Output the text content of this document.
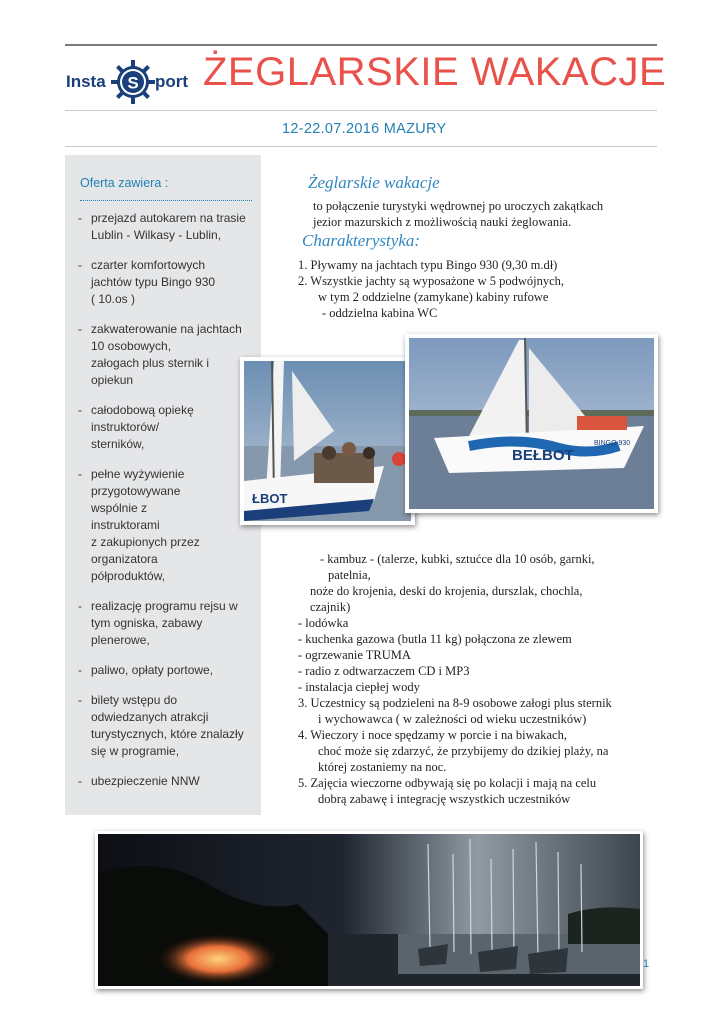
Insta S port ŻEGLARSKIE WAKACJE
12-22.07.2016 MAZURY
Oferta zawiera :
- przejazd autokarem na trasie
Lublin - Wilkasy - Lublin,
- czarter komfortowych
jachtów typu Bingo 930
( 10.os )
- zakwaterowanie na jachtach
10 osobowych,
załogach plus sternik i
opiekun
- całodobową opiekę
instruktorów/
sterników,
- pełne wyżywienie
przygotowywane
wspólnie z
instruktorami
z zakupionych przez
organizatora
półproduktów,
- realizację programu rejsu w
tym ogniska, zabawy
plenerowe,
- paliwo, opłaty portowe,
- bilety wstępu do
odwiedzanych atrakcji
turystycznych, które znalazły
się w programie,
- ubezpieczenie NNW
Żeglarskie wakacje
to połączenie turystyki wędrownej po uroczych zakątkach
jezior mazurskich z możliwością nauki żeglowania.
Charakterystyka:
1. Pływamy na jachtach typu Bingo 930 (9,30 m.dł)
2. Wszystkie jachty są wyposażone w 5 podwójnych,
w tym 2 oddzielne (zamykane) kabiny rufowe
- oddzielna kabina WC
ŁBOT
BEŁBOT
BINGO 930
- kambuz - (talerze, kubki, sztućce dla 10 osób, garnki,
patelnia,
noże do krojenia, deski do krojenia, durszlak, chochla,
czajnik)
- lodówka
- kuchenka gazowa (butla 11 kg) połączona ze zlewem
- ogrzewanie TRUMA
- radio z odtwarzaczem CD i MP3
- instalacja ciepłej wody
3. Uczestnicy są podzieleni na 8-9 osobowe załogi plus sternik
i wychowawca ( w zależności od wieku uczestników)
4. Wieczory i noce spędzamy w porcie i na biwakach,
choć może się zdarzyć, że przybijemy do dzikiej plaży, na
której zostaniemy na noc.
5. Zajęcia wieczorne odbywają się po kolacji i mają na celu
dobrą zabawę i integrację wszystkich uczestników
1
